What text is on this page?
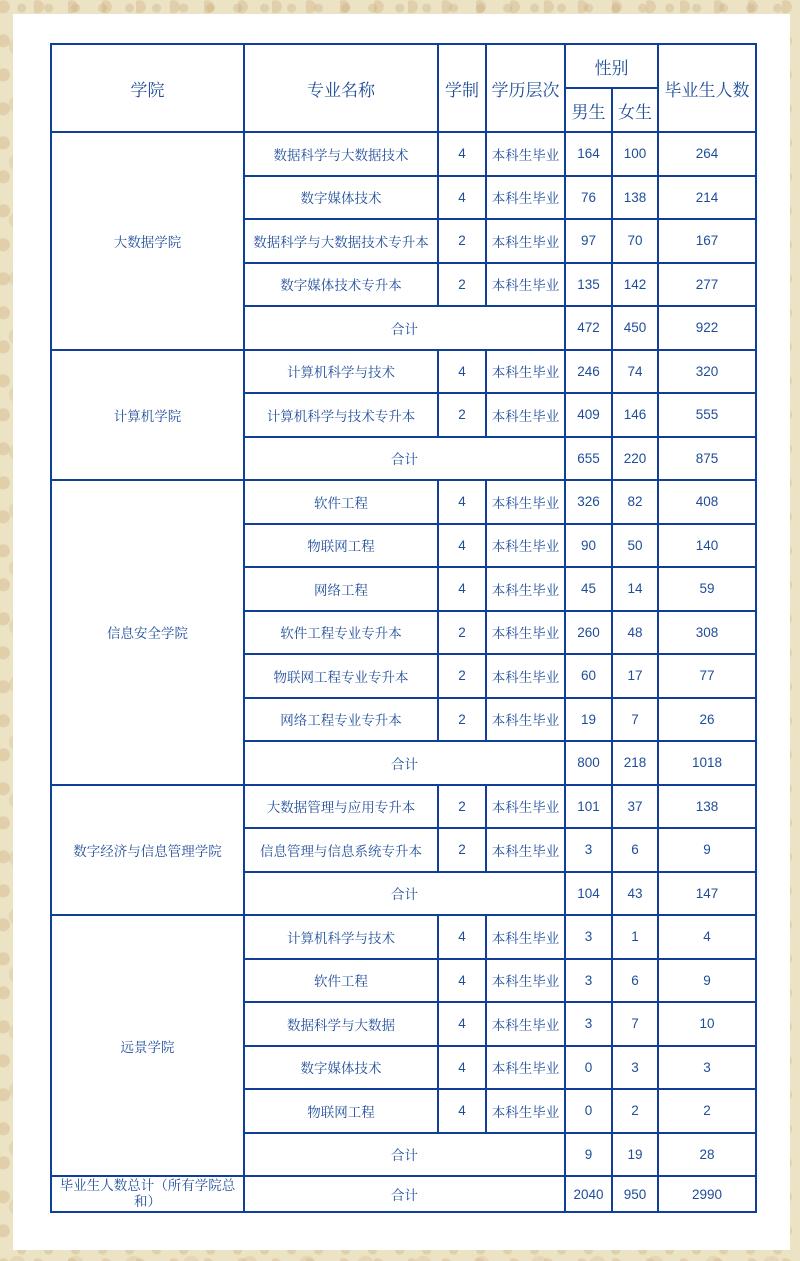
学院	专业名称	学制	学历层次	性别		毕业生人数
				男生	女生	
大数据学院	数据科学与大数据技术	4	本科生毕业	164	100	264
	数字媒体技术	4	本科生毕业	76	138	214
	数据科学与大数据技术专升本	2	本科生毕业	97	70	167
	数字媒体技术专升本	2	本科生毕业	135	142	277
	合计			472	450	922
计算机学院	计算机科学与技术	4	本科生毕业	246	74	320
	计算机科学与技术专升本	2	本科生毕业	409	146	555
	合计			655	220	875
信息安全学院	软件工程	4	本科生毕业	326	82	408
	物联网工程	4	本科生毕业	90	50	140
	网络工程	4	本科生毕业	45	14	59
	软件工程专业专升本	2	本科生毕业	260	48	308
	物联网工程专业专升本	2	本科生毕业	60	17	77
	网络工程专业专升本	2	本科生毕业	19	7	26
	合计			800	218	1018
数字经济与信息管理学院	大数据管理与应用专升本	2	本科生毕业	101	37	138
	信息管理与信息系统专升本	2	本科生毕业	3	6	9
	合计			104	43	147
远景学院	计算机科学与技术	4	本科生毕业	3	1	4
	软件工程	4	本科生毕业	3	6	9
	数据科学与大数据	4	本科生毕业	3	7	10
	数字媒体技术	4	本科生毕业	0	3	3
	物联网工程	4	本科生毕业	0	2	2
	合计			9	19	28
毕业生人数总计（所有学院总和）	合计			2040	950	2990
